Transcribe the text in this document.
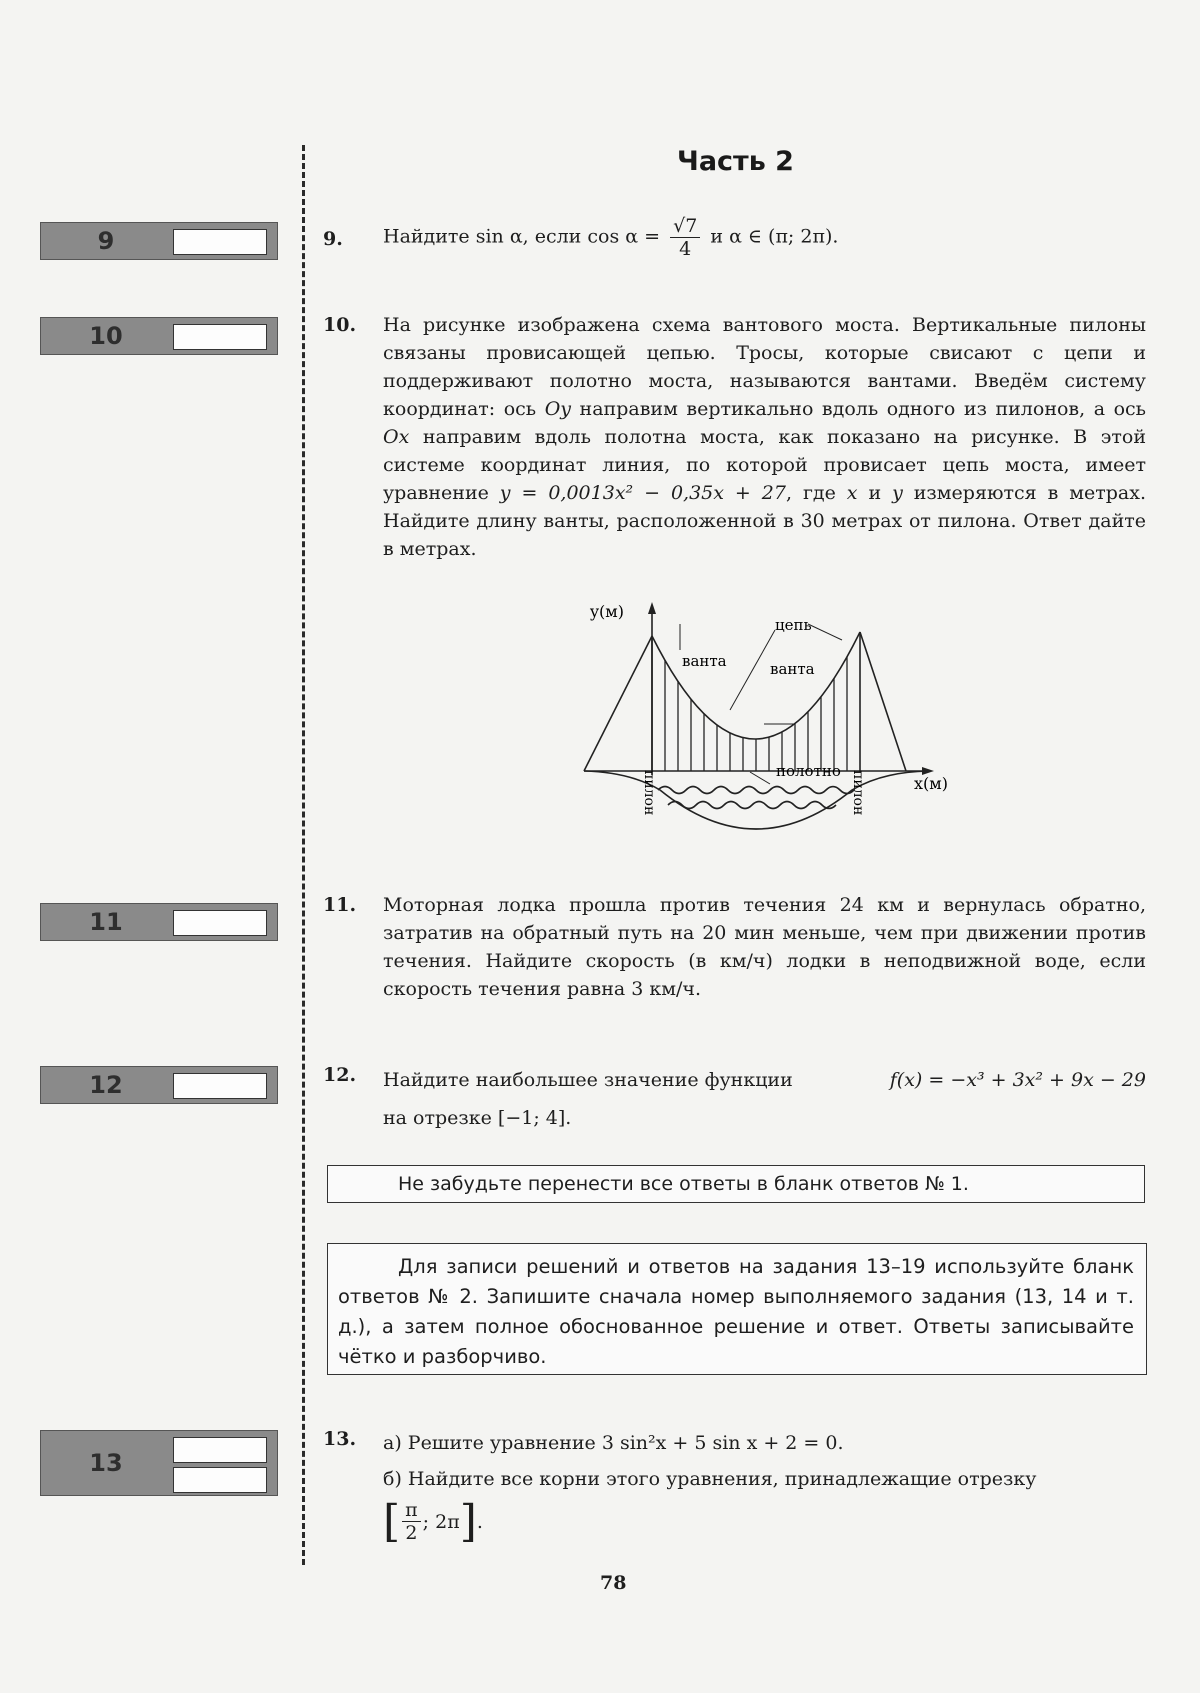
9
10
11
12
13
Часть 2
9. Найдите sin α, если $\cos \alpha = \frac{√7}{4}$ и α ∈ (π; 2π).
10. На рисунке изображена схема вантового моста. Вертикальные пилоны связаны провисающей цепью. Тросы, которые свисают с цепи и поддерживают полотно моста, называются вантами. Введём систему координат: ось Oy направим вертикально вдоль одного из пилонов, а ось Ox направим вдоль полотна моста, как показано на рисунке. В этой системе координат линия, по которой провисает цепь моста, имеет уравнение y = 0,0013x² − 0,35x + 27, где x и y измеряются в метрах. Найдите длину ванты, расположенной в 30 метрах от пилона. Ответ дайте в метрах.

y(м)
x(м)
ванта
цепь
ванта
полотно
пилон	пилон
11. Моторная лодка прошла против течения 24 км и вернулась обратно, затратив на обратный путь на 20 мин меньше, чем при движении против течения. Найдите скорость (в км/ч) лодки в неподвижной воде, если скорость течения равна 3 км/ч.
12. Найдите наибольшее значение функции	f(x) = −x³ + 3x² + 9x − 29
на отрезке [−1; 4].
Не забудьте перенести все ответы в бланк ответов № 1.
Для записи решений и ответов на задания 13–19 используйте бланк ответов № 2. Запишите сначала номер выполняемого задания (13, 14 и т. д.), а затем полное обоснованное решение и ответ. Ответы записывайте чётко и разборчиво.
13. а) Решите уравнение 3 sin²x + 5 sin x + 2 = 0.
б) Найдите все корни этого уравнения, принадлежащие отрезку
[ $\frac{\pi}{2}$ ; 2π ] .
78
